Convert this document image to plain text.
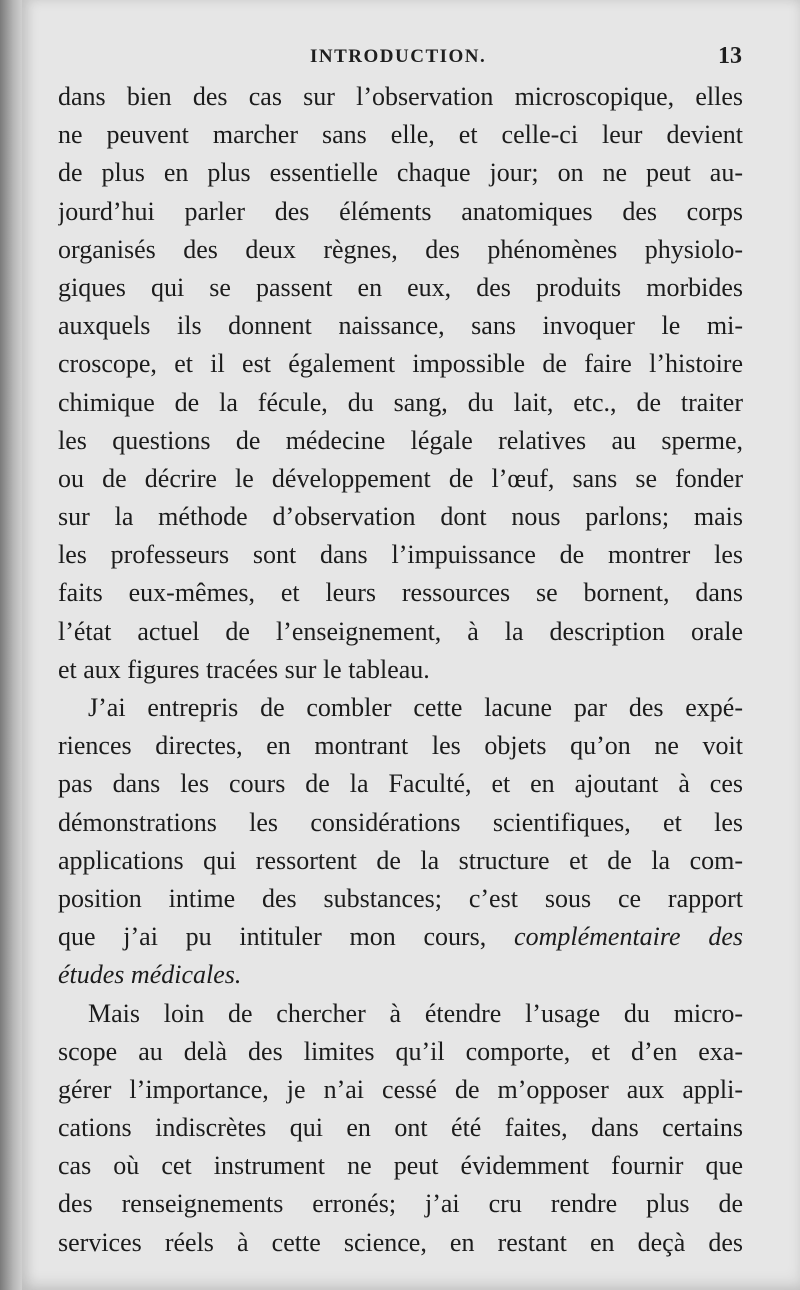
INTRODUCTION.	13
dans bien des cas sur l’observation microscopique, elles
ne peuvent marcher sans elle, et celle-ci leur devient
de plus en plus essentielle chaque jour; on ne peut au-
jourd’hui parler des éléments anatomiques des corps
organisés des deux règnes, des phénomènes physiolo-
giques qui se passent en eux, des produits morbides
auxquels ils donnent naissance, sans invoquer le mi-
croscope, et il est également impossible de faire l’histoire
chimique de la fécule, du sang, du lait, etc., de traiter
les questions de médecine légale relatives au sperme,
ou de décrire le développement de l’œuf, sans se fonder
sur la méthode d’observation dont nous parlons; mais
les professeurs sont dans l’impuissance de montrer les
faits eux-mêmes, et leurs ressources se bornent, dans
l’état actuel de l’enseignement, à la description orale
et aux figures tracées sur le tableau.
J’ai entrepris de combler cette lacune par des expé-
riences directes, en montrant les objets qu’on ne voit
pas dans les cours de la Faculté, et en ajoutant à ces
démonstrations les considérations scientifiques, et les
applications qui ressortent de la structure et de la com-
position intime des substances; c’est sous ce rapport
que j’ai pu intituler mon cours, complémentaire des
études médicales.
Mais loin de chercher à étendre l’usage du micro-
scope au delà des limites qu’il comporte, et d’en exa-
gérer l’importance, je n’ai cessé de m’opposer aux appli-
cations indiscrètes qui en ont été faites, dans certains
cas où cet instrument ne peut évidemment fournir que
des renseignements erronés; j’ai cru rendre plus de
services réels à cette science, en restant en deçà des
